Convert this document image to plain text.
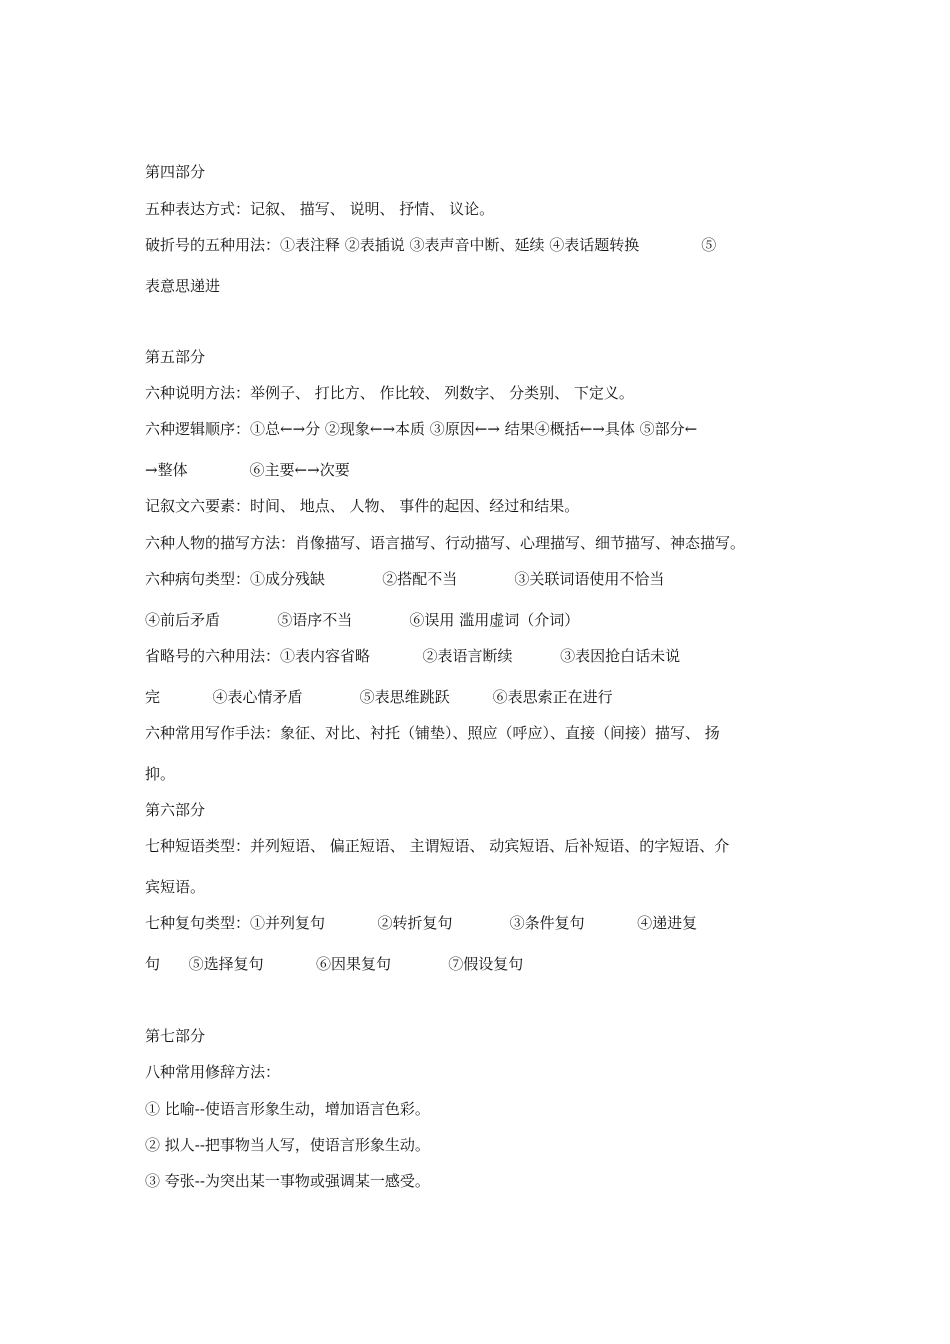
第四部分
五种表达方式：记叙、 描写、 说明、 抒情、 议论。
破折号的五种用法：①表注释 ②表插说 ③表声音中断、延续 ④表话题转换             ⑤
表意思递进
第五部分
六种说明方法：举例子、 打比方、 作比较、 列数字、 分类别、 下定义。
六种逻辑顺序：①总←→分 ②现象←→本质 ③原因←→ 结果④概括←→具体 ⑤部分←
→整体             ⑥主要←→次要
记叙文六要素：时间、 地点、 人物、 事件的起因、经过和结果。
六种人物的描写方法：肖像描写、语言描写、行动描写、心理描写、细节描写、神态描写。
六种病句类型：①成分残缺            ②搭配不当            ③关联词语使用不恰当
④前后矛盾            ⑤语序不当            ⑥误用 滥用虚词（介词）
省略号的六种用法：①表内容省略           ②表语言断续          ③表因抢白话未说
完           ④表心情矛盾            ⑤表思维跳跃         ⑥表思索正在进行
六种常用写作手法：象征、对比、衬托（铺垫）、照应（呼应）、直接（间接）描写、 扬
抑。
第六部分
七种短语类型：并列短语、 偏正短语、 主谓短语、 动宾短语、后补短语、的字短语、介
宾短语。
七种复句类型：①并列复句           ②转折复句            ③条件复句           ④递进复
句      ⑤选择复句           ⑥因果复句            ⑦假设复句
第七部分
八种常用修辞方法：
① 比喻--使语言形象生动，增加语言色彩。
② 拟人--把事物当人写，使语言形象生动。
③ 夸张--为突出某一事物或强调某一感受。
